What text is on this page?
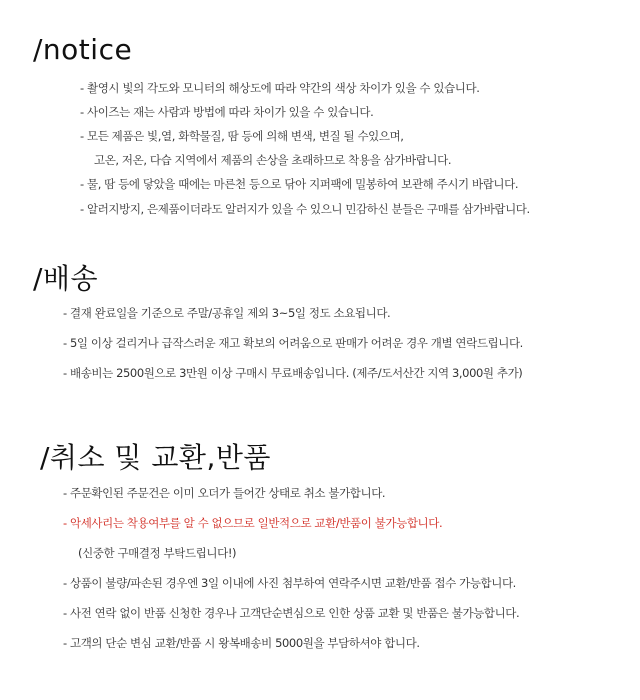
/notice

- 촬영시 빛의 각도와 모니터의 해상도에 따라 약간의 색상 차이가 있을 수 있습니다.

- 사이즈는 재는 사람과 방법에 따라 차이가 있을 수 있습니다.

- 모든 제품은 빛,열, 화학물질, 땀 등에 의해 변색, 변질 될 수있으며,

고온, 저온, 다습 지역에서 제품의 손상을 초래하므로 착용을 삼가바랍니다.

- 물, 땀 등에 닿았을 때에는 마른천 등으로 닦아 지퍼팩에 밀봉하여 보관해 주시기 바랍니다.

- 알러지방지, 은제품이더라도 알러지가 있을 수 있으니 민감하신 분들은 구매를 삼가바랍니다.

/배송

- 결재 완료일을 기준으로 주말/공휴일 제외 3~5일 정도 소요됩니다.

- 5일 이상 걸리거나 급작스러운 재고 확보의 어려움으로 판매가 어려운 경우 개별 연락드립니다.

- 배송비는 2500원으로 3만원 이상 구매시 무료배송입니다. (제주/도서산간 지역 3,000원 추가)

/취소 및 교환,반품

- 주문확인된 주문건은 이미 오더가 들어간 상태로 취소 불가합니다.

- 악세사리는 착용여부를 알 수 없으므로 일반적으로 교환/반품이 불가능합니다.

(신중한 구매결정 부탁드립니다!)

- 상품이 불량/파손된 경우엔 3일 이내에 사진 첨부하여 연락주시면 교환/반품 접수 가능합니다.

- 사전 연락 없이 반품 신청한 경우나 고객단순변심으로 인한 상품 교환 및 반품은 불가능합니다.

- 고객의 단순 변심 교환/반품 시 왕복배송비 5000원을 부담하셔야 합니다.
